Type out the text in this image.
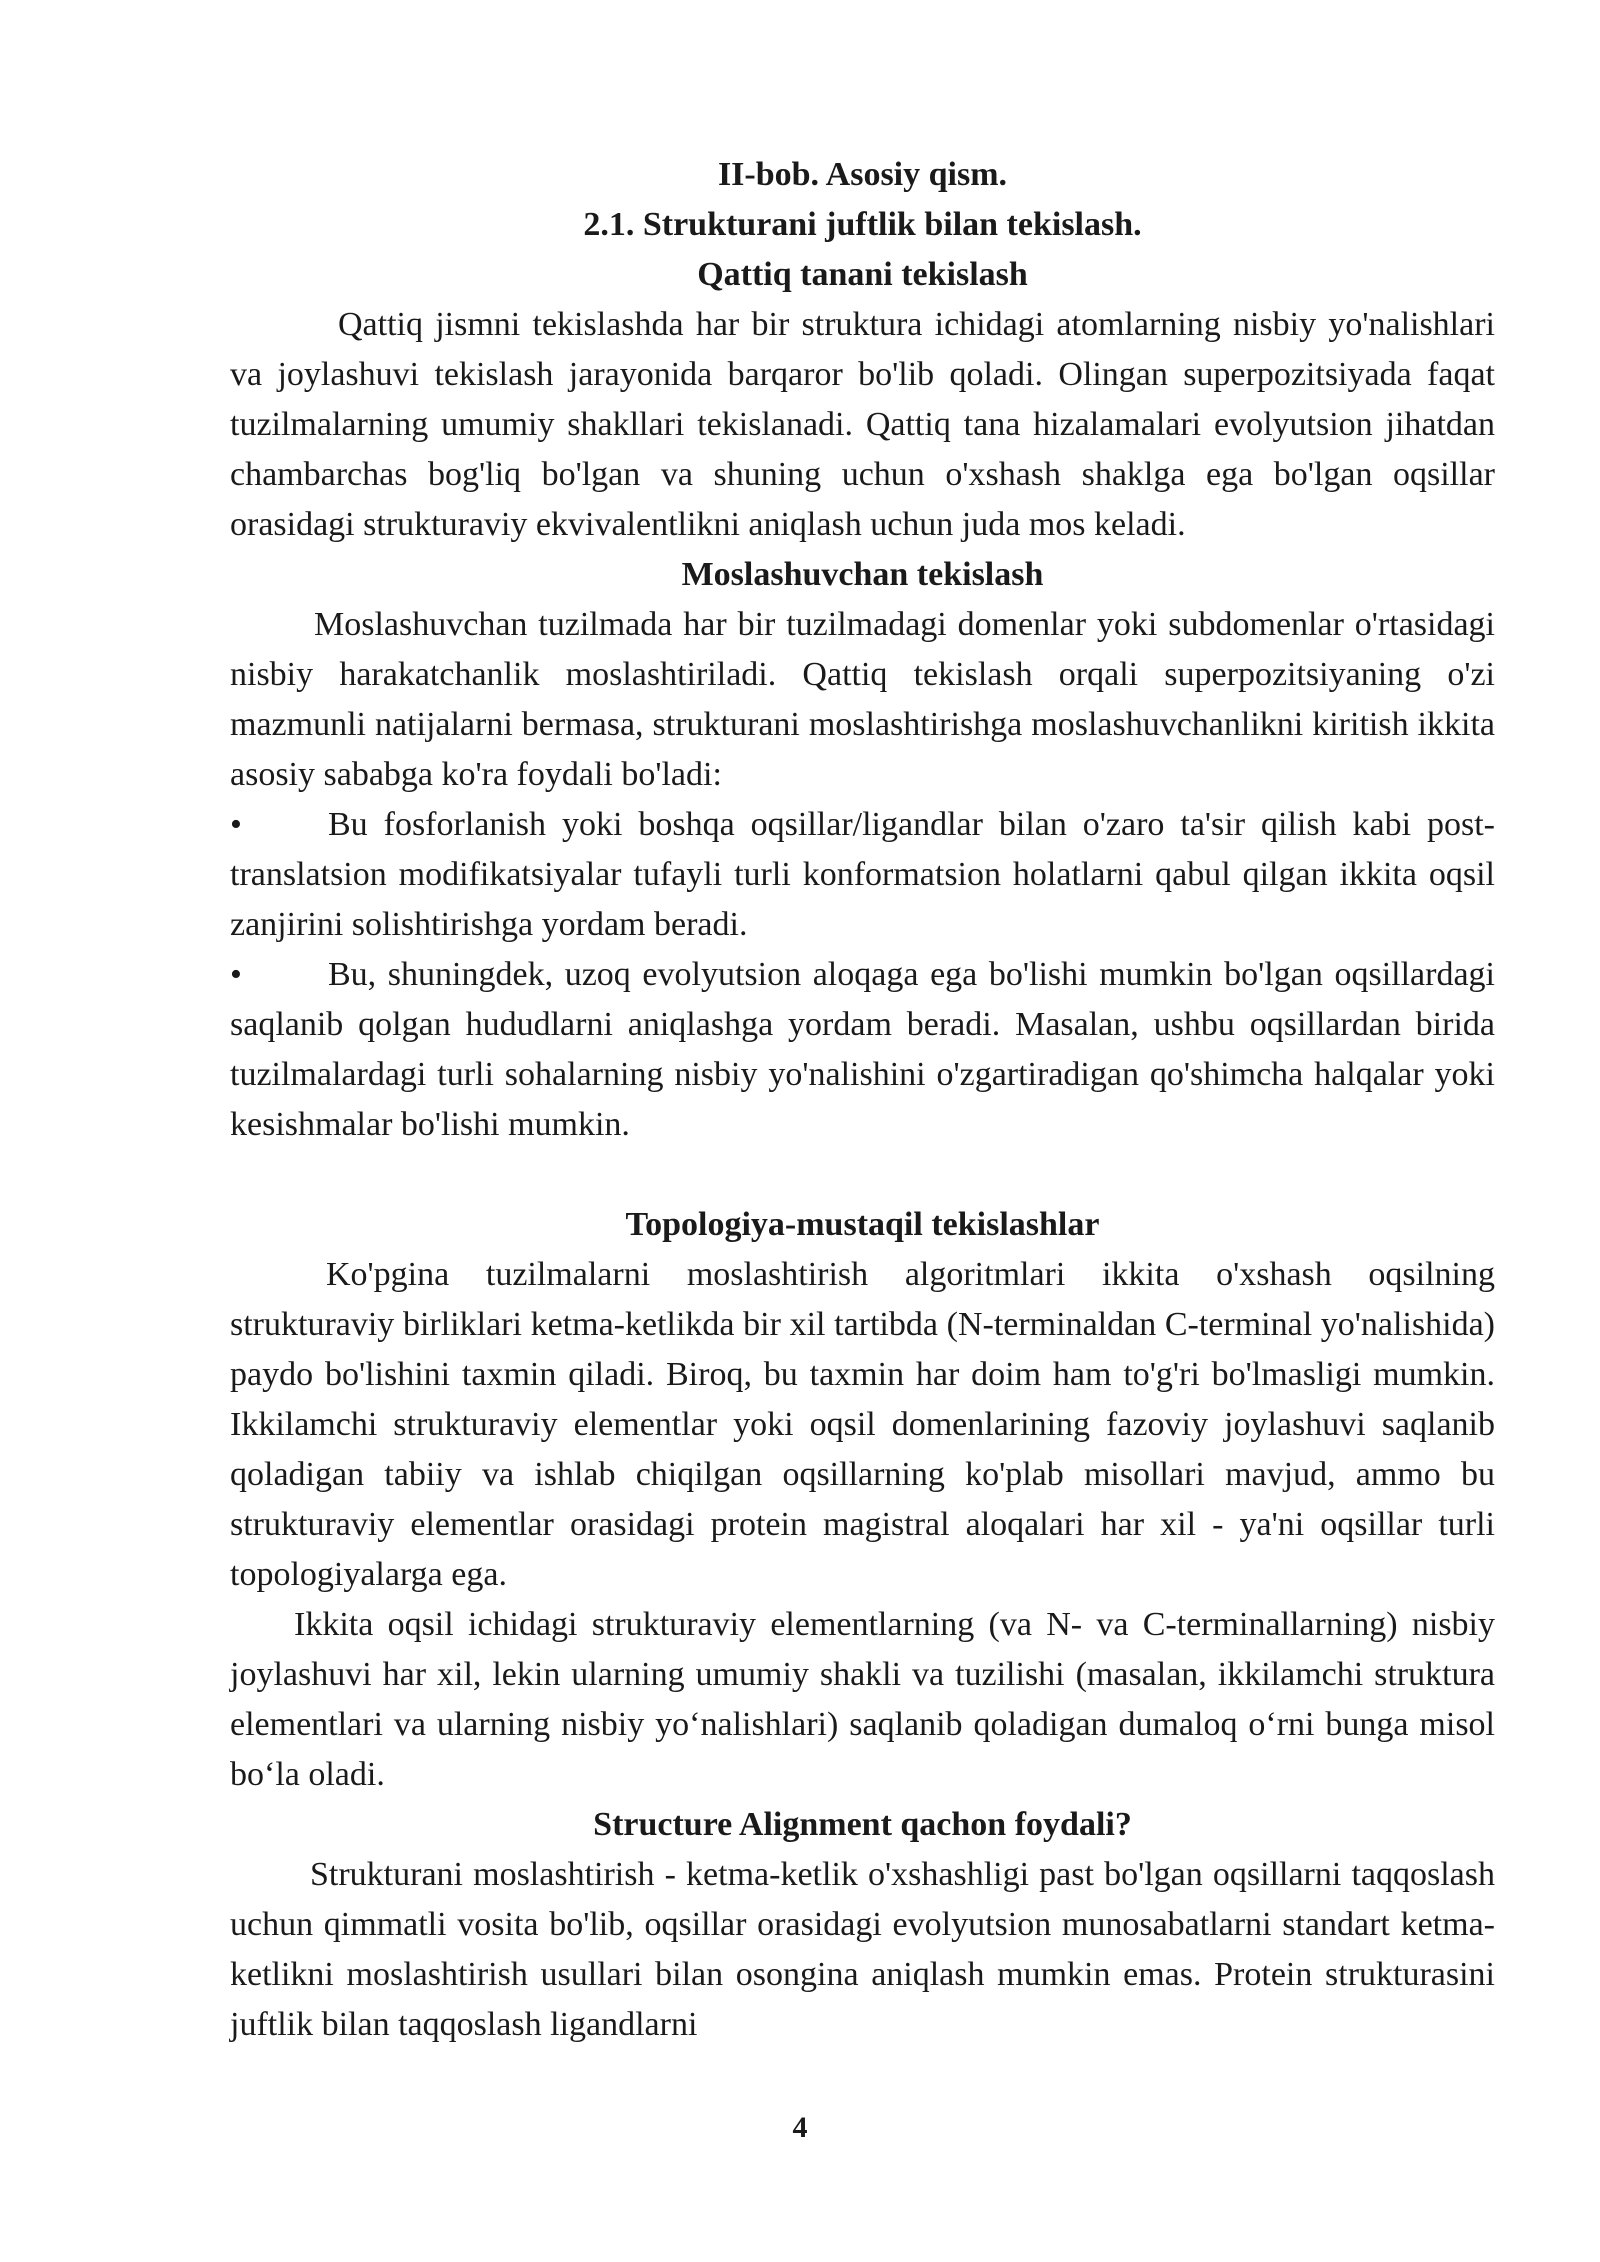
II-bob. Asosiy qism.
2.1. Strukturani juftlik bilan tekislash.
Qattiq tanani tekislash

Qattiq jismni tekislashda har bir struktura ichidagi atomlarning nisbiy yo'nalishlari va joylashuvi tekislash jarayonida barqaror bo'lib qoladi. Olingan superpozitsiyada faqat tuzilmalarning umumiy shakllari tekislanadi. Qattiq tana hizalamalari evolyutsion jihatdan chambarchas bog'liq bo'lgan va shuning uchun o'xshash shaklga ega bo'lgan oqsillar orasidagi strukturaviy ekvivalentlikni aniqlash uchun juda mos keladi.

Moslashuvchan tekislash

Moslashuvchan tuzilmada har bir tuzilmadagi domenlar yoki subdomenlar o'rtasidagi nisbiy harakatchanlik moslashtiriladi. Qattiq tekislash orqali superpozitsiyaning o'zi mazmunli natijalarni bermasa, strukturani moslashtirishga moslashuvchanlikni kiritish ikkita asosiy sababga ko'ra foydali bo'ladi:

•	Bu fosforlanish yoki boshqa oqsillar/ligandlar bilan o'zaro ta'sir qilish kabi post-translatsion modifikatsiyalar tufayli turli konformatsion holatlarni qabul qilgan ikkita oqsil zanjirini solishtirishga yordam beradi.

•	Bu, shuningdek, uzoq evolyutsion aloqaga ega bo'lishi mumkin bo'lgan oqsillardagi saqlanib qolgan hududlarni aniqlashga yordam beradi. Masalan, ushbu oqsillardan birida tuzilmalardagi turli sohalarning nisbiy yo'nalishini o'zgartiradigan qo'shimcha halqalar yoki kesishmalar bo'lishi mumkin.

Topologiya-mustaqil tekislashlar

Ko'pgina tuzilmalarni moslashtirish algoritmlari ikkita o'xshash oqsilning strukturaviy birliklari ketma-ketlikda bir xil tartibda (N-terminaldan C-terminal yo'nalishida) paydo bo'lishini taxmin qiladi. Biroq, bu taxmin har doim ham to'g'ri bo'lmasligi mumkin. Ikkilamchi strukturaviy elementlar yoki oqsil domenlarining fazoviy joylashuvi saqlanib qoladigan tabiiy va ishlab chiqilgan oqsillarning ko'plab misollari mavjud, ammo bu strukturaviy elementlar orasidagi protein magistral aloqalari har xil - ya'ni oqsillar turli topologiyalarga ega.

Ikkita oqsil ichidagi strukturaviy elementlarning (va N- va C-terminallarning) nisbiy joylashuvi har xil, lekin ularning umumiy shakli va tuzilishi (masalan, ikkilamchi struktura elementlari va ularning nisbiy yo‘nalishlari) saqlanib qoladigan dumaloq o‘rni bunga misol bo‘la oladi.

Structure Alignment qachon foydali?

Strukturani moslashtirish - ketma-ketlik o'xshashligi past bo'lgan oqsillarni taqqoslash uchun qimmatli vosita bo'lib, oqsillar orasidagi evolyutsion munosabatlarni standart ketma-ketlikni moslashtirish usullari bilan osongina aniqlash mumkin emas. Protein strukturasini juftlik bilan taqqoslash ligandlarni

4
